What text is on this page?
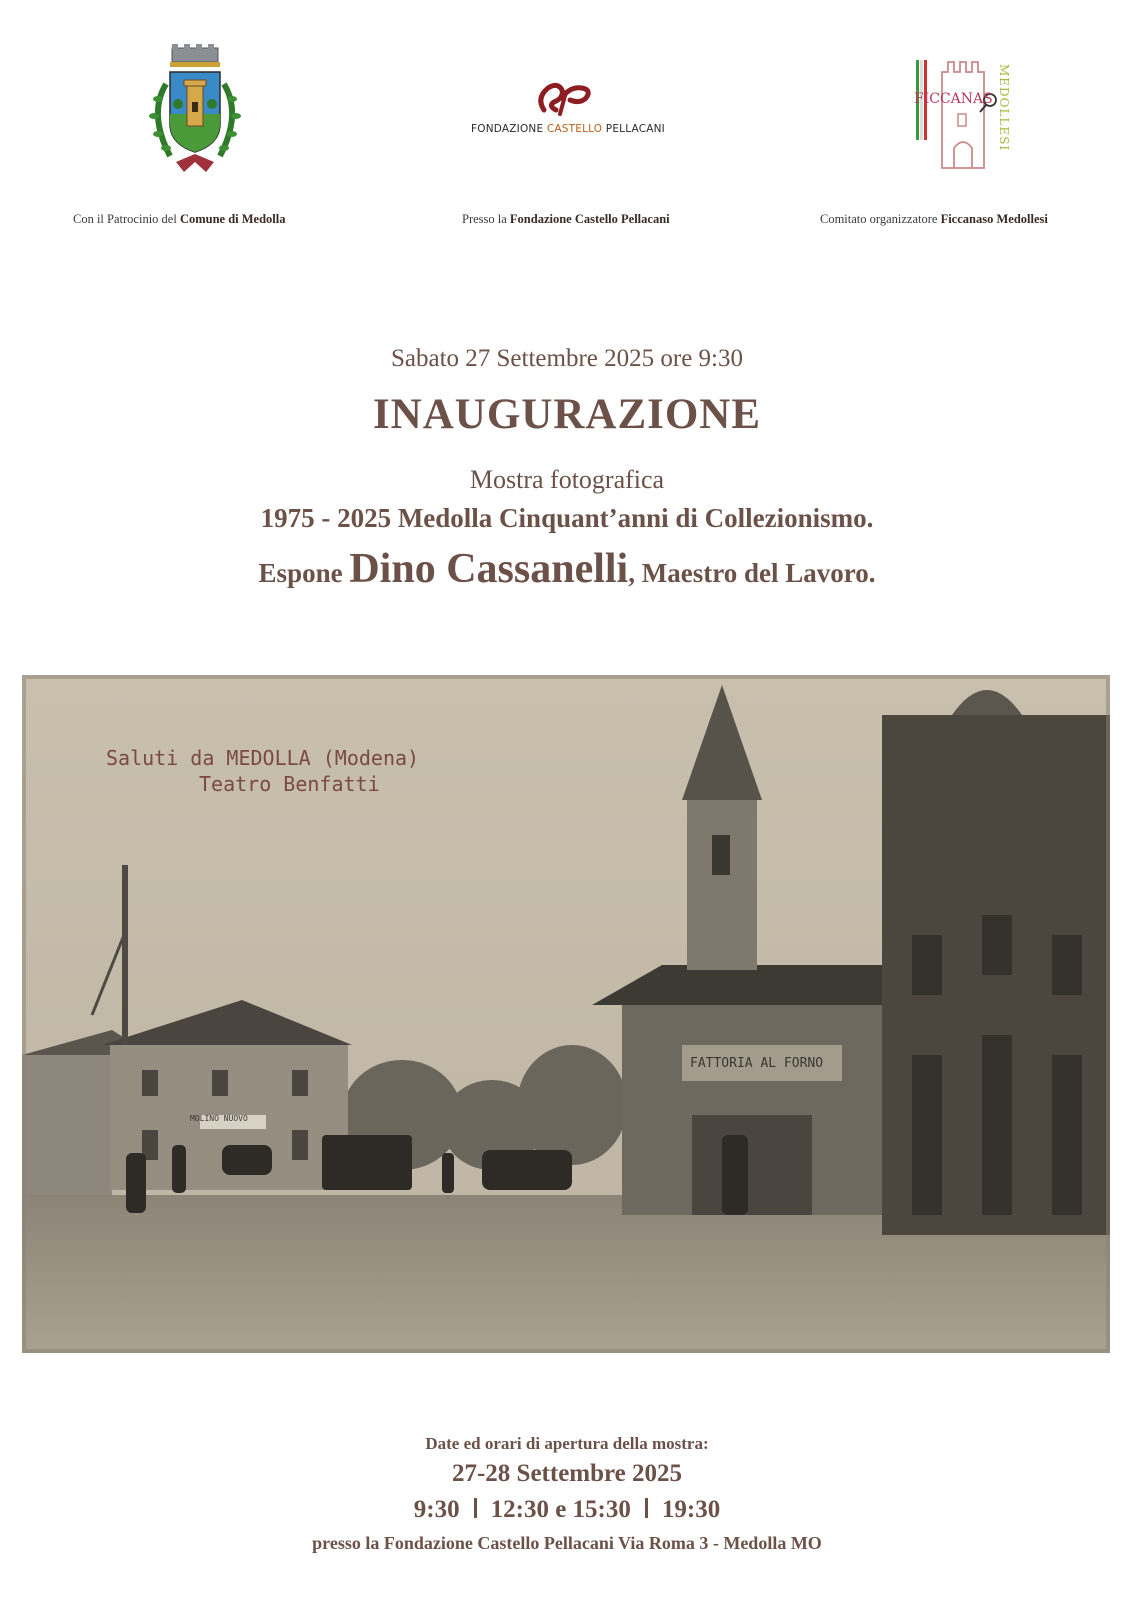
FONDAZIONE CASTELLO PELLACANI
FICCANAS MEDOLLESI
Con il Patrocinio del Comune di Medolla	Presso la Fondazione Castello Pellacani	Comitato organizzatore Ficcanaso Medollesi
Sabato 27 Settembre 2025 ore 9:30
INAUGURAZIONE
Mostra fotografica
1975 - 2025 Medolla Cinquant’anni di Collezionismo.
Espone Dino Cassanelli, Maestro del Lavoro.
MOLINO NUOVO
FATTORIA AL FORNO
Saluti da MEDOLLA (Modena)
Teatro Benfatti
Date ed orari di apertura della mostra:
27-28 Settembre 2025
9:30 12:30 e 15:30 19:30
presso la Fondazione Castello Pellacani Via Roma 3 - Medolla MO
